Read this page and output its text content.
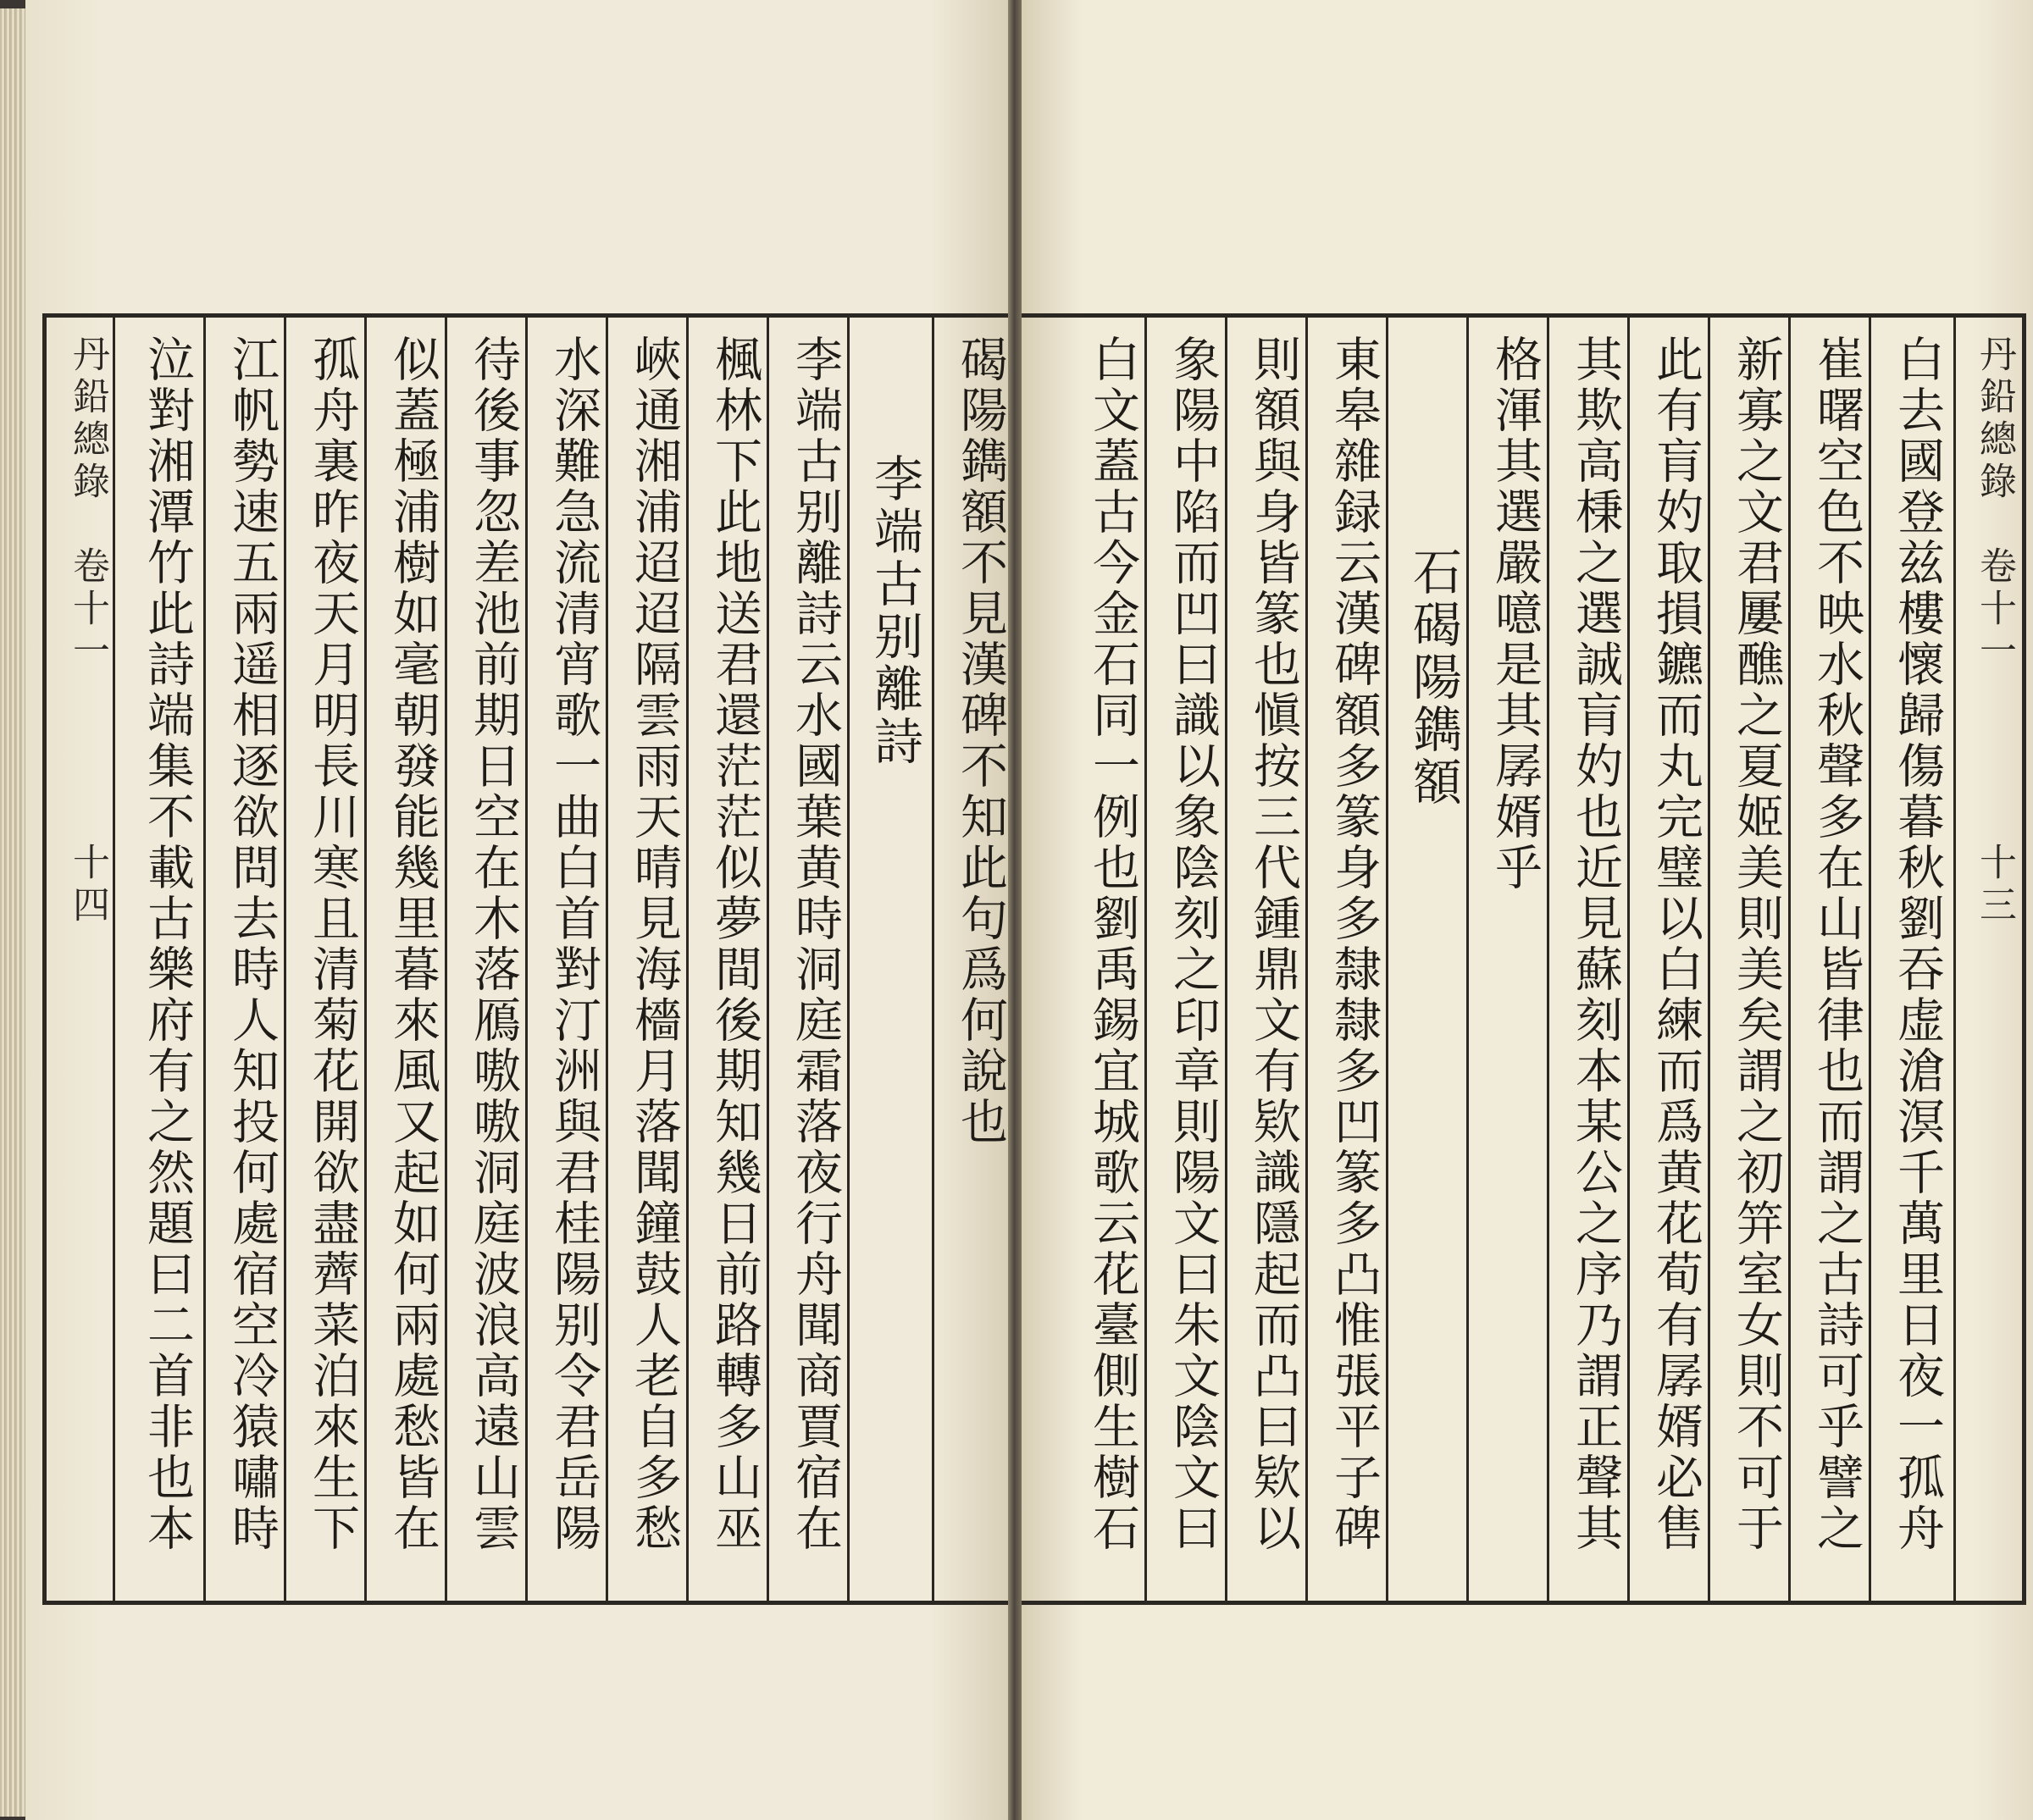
丹鉛總錄　卷十一　　　　十四	碣陽鐫額不見漢碑不知此句爲何說也
李端古别離詩
李端古别離詩云水國葉黄時洞庭霜落夜行舟聞商賈宿在
楓林下此地送君還茫茫似夢間後期知幾日前路轉多山巫
峽通湘浦迢迢隔雲雨天晴見海檣月落聞鐘鼓人老自多愁
水深難急流清宵歌一曲白首對汀洲與君桂陽别令君岳陽
待後事忽差池前期日空在木落鴈嗷嗷洞庭波浪高遠山雲
似蓋極浦樹如毫朝發能幾里暮來風又起如何兩處愁皆在
孤舟裏昨夜天月明長川寒且清菊花開欲盡薺菜泊來生下
江帆勢速五兩遥相逐欲問去時人知投何處宿空冷猿嘯時
泣對湘潭竹此詩端集不載古樂府有之然題曰二首非也本	丹鉛總錄　卷十一　　　　十三
白去國登兹樓懷歸傷暮秋劉吞虚滄溟千萬里日夜一孤舟
崔曙空色不映水秋聲多在山皆律也而謂之古詩可乎譬之
新寡之文君屢醮之夏姬美則美矣謂之初笄室女則不可于
此有肓妁取損鑣而丸完璧以白練而爲黄花荀有孱婿必售
其欺高棅之選誠肓妁也近見蘇刻本某公之序乃謂正聲其
格渾其選嚴噫是其孱婿乎
石碣陽鐫額
東皋雜録云漢碑額多篆身多隸隸多凹篆多凸惟張平子碑
則額與身皆篆也愼按三代鍾鼎文有欵識隱起而凸曰欵以
象陽中陷而凹曰識以象陰刻之印章則陽文曰朱文陰文曰
白文蓋古今金石同一例也劉禹錫宜城歌云花臺側生樹石
